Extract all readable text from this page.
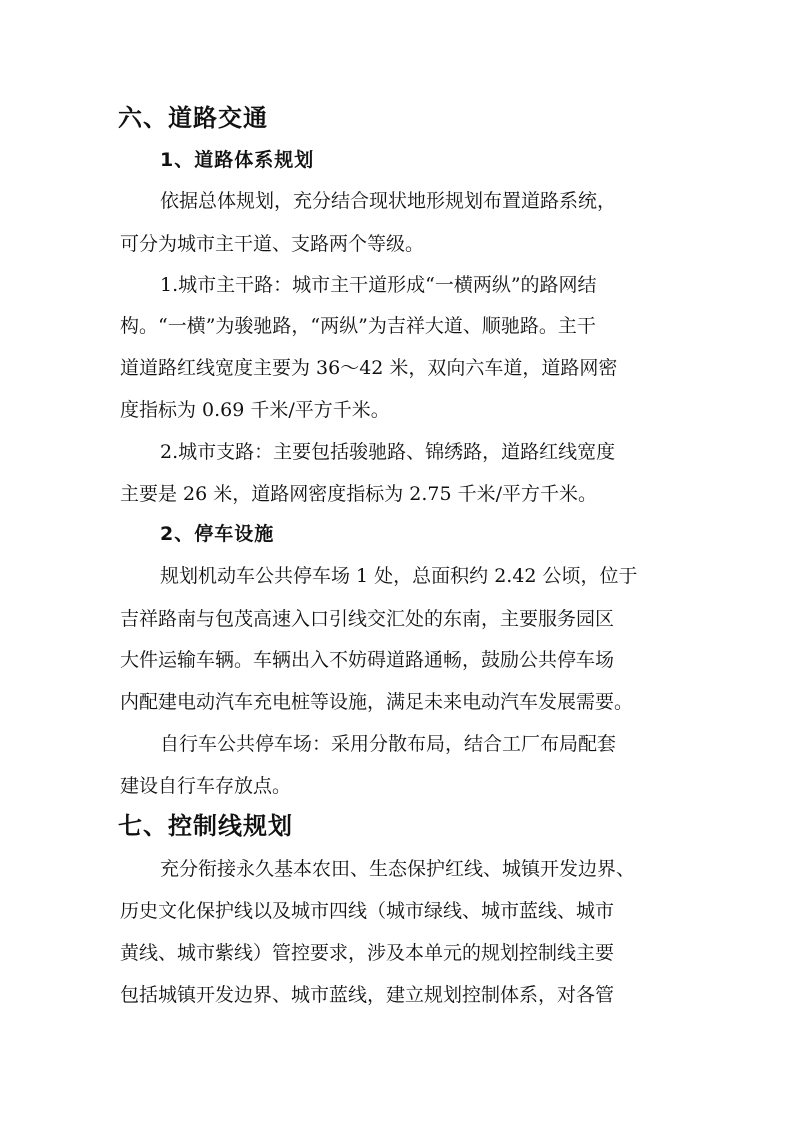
六、道路交通
1、道路体系规划
依据总体规划，充分结合现状地形规划布置道路系统，
可分为城市主干道、支路两个等级。
1.城市主干路：城市主干道形成“一横两纵”的路网结
构。“一横”为骏驰路，“两纵”为吉祥大道、顺驰路。主干
道道路红线宽度主要为 36～42 米，双向六车道，道路网密
度指标为 0.69 千米/平方千米。
2.城市支路：主要包括骏驰路、锦绣路，道路红线宽度
主要是 26 米，道路网密度指标为 2.75 千米/平方千米。
2、停车设施
规划机动车公共停车场 1 处，总面积约 2.42 公顷，位于
吉祥路南与包茂高速入口引线交汇处的东南，主要服务园区
大件运输车辆。车辆出入不妨碍道路通畅，鼓励公共停车场
内配建电动汽车充电桩等设施，满足未来电动汽车发展需要。
自行车公共停车场：采用分散布局，结合工厂布局配套
建设自行车存放点。
七、控制线规划
充分衔接永久基本农田、生态保护红线、城镇开发边界、
历史文化保护线以及城市四线（城市绿线、城市蓝线、城市
黄线、城市紫线）管控要求，涉及本单元的规划控制线主要
包括城镇开发边界、城市蓝线，建立规划控制体系，对各管
